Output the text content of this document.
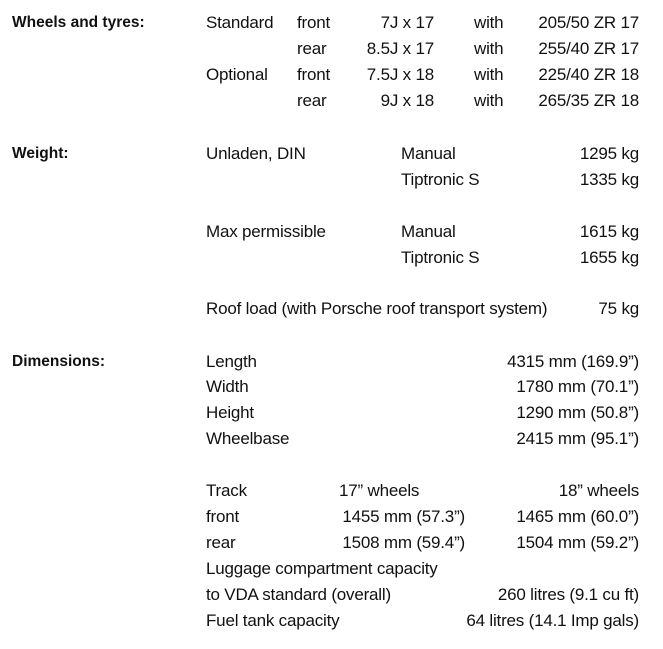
Wheels and tyres:	Standard front	7J x 17 with 205/50 ZR 17
rear 8.5J x 17 with 255/40 ZR 17
Optional front 7.5J x 18 with 225/40 ZR 18
rear	9J x 18 with 265/35 ZR 18
Weight:	Unladen, DIN	Manual	1295 kg
Tiptronic S	1335 kg
Max permissible	Manual	1615 kg
Tiptronic S	1655 kg
Roof load (with Porsche roof transport system)	75 kg
Dimensions:	Length	4315 mm (169.9”)
Width	1780 mm (70.1”)
Height	1290 mm (50.8”)
Wheelbase	2415 mm (95.1”)
Track	17” wheels	18” wheels
front	1455 mm (57.3”)	1465 mm (60.0”)
rear	1508 mm (59.4”)	1504 mm (59.2”)
Luggage compartment capacity
to VDA standard (overall)	260 litres (9.1 cu ft)
Fuel tank capacity	64 litres (14.1 Imp gals)
